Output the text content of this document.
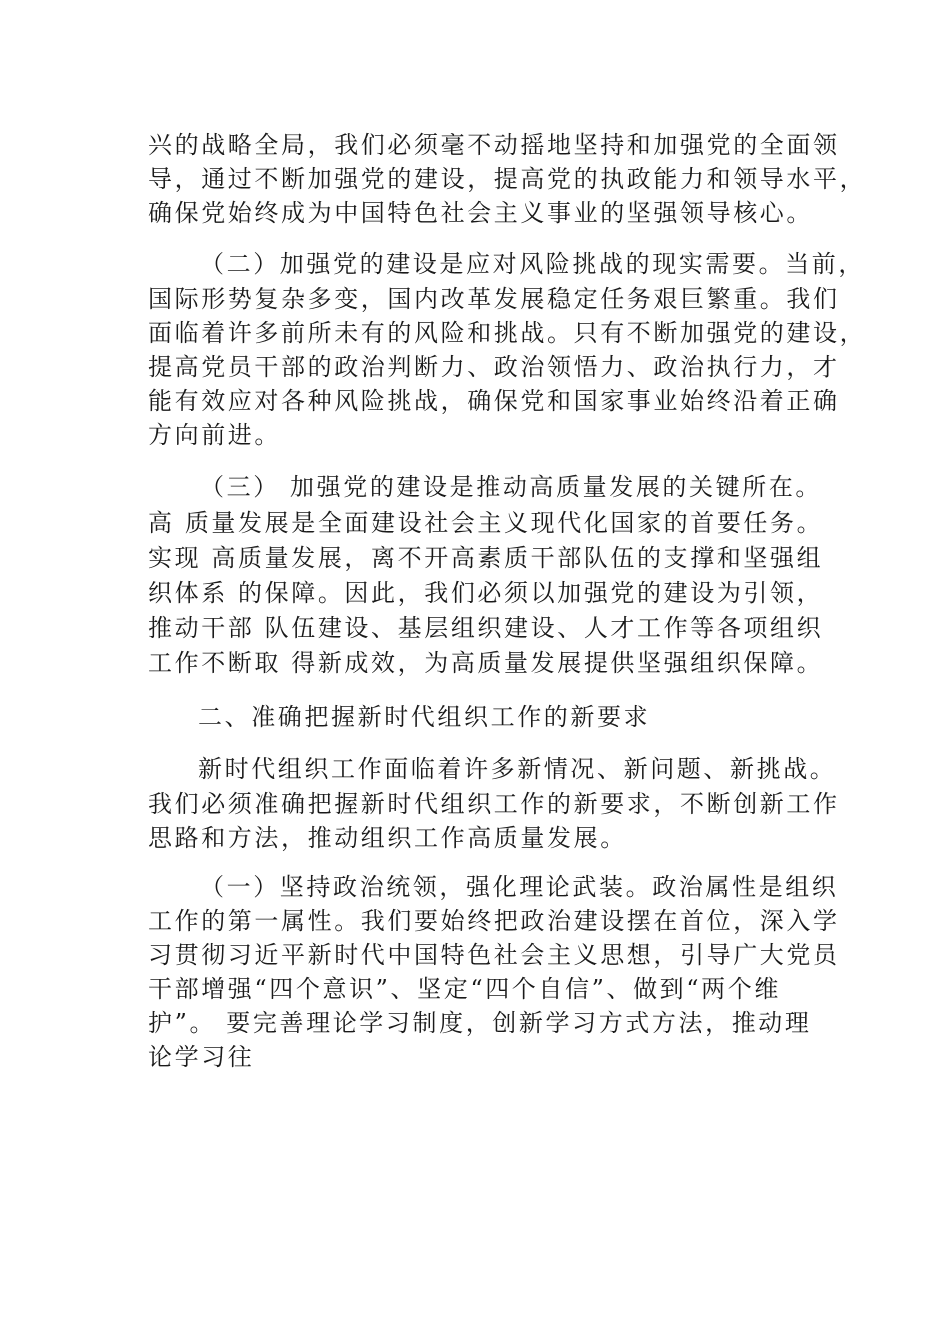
兴的战略全局，我们必须毫不动摇地坚持和加强党的全面领
导，通过不断加强党的建设，提高党的执政能力和领导水平，
确保党始终成为中国特色社会主义事业的坚强领导核心。
（二）加强党的建设是应对风险挑战的现实需要。当前，
国际形势复杂多变，国内改革发展稳定任务艰巨繁重。我们
面临着许多前所未有的风险和挑战。只有不断加强党的建设，
提高党员干部的政治判断力、政治领悟力、政治执行力，才
能有效应对各种风险挑战，确保党和国家事业始终沿着正确
方向前进。
（三） 加强党的建设是推动高质量发展的关键所在。
高 质量发展是全面建设社会主义现代化国家的首要任务。
实现 高质量发展，离不开高素质干部队伍的支撑和坚强组
织体系 的保障。因此，我们必须以加强党的建设为引领，
推动干部 队伍建设、基层组织建设、人才工作等各项组织
工作不断取 得新成效，为高质量发展提供坚强组织保障。
二、准确把握新时代组织工作的新要求
新时代组织工作面临着许多新情况、新问题、新挑战。
我们必须准确把握新时代组织工作的新要求，不断创新工作
思路和方法，推动组织工作高质量发展。
（一）坚持政治统领，强化理论武装。政治属性是组织
工作的第一属性。我们要始终把政治建设摆在首位，深入学
习贯彻习近平新时代中国特色社会主义思想，引导广大党员
干部增强“四个意识”、坚定“四个自信”、做到“两个维
护”。 要完善理论学习制度，创新学习方式方法，推动理
论学习往
